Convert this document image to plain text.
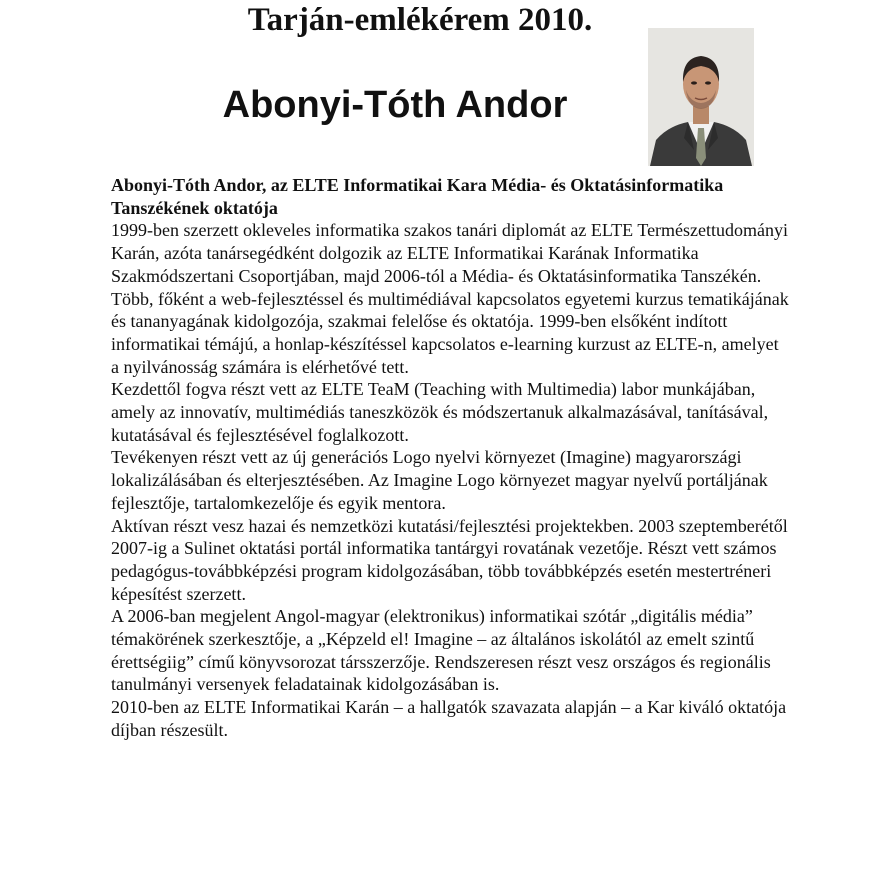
Tarján-emlékérem 2010.
Abonyi-Tóth Andor

Abonyi-Tóth Andor, az ELTE Informatikai Kara Média- és Oktatásinformatika Tanszékének oktatója

1999-ben szerzett okleveles informatika szakos tanári diplomát az ELTE Természettudományi Karán, azóta tanársegédként dolgozik az ELTE Informatikai Karának Informatika Szakmódszertani Csoportjában, majd 2006-tól a Média- és Oktatásinformatika Tanszékén.

Több, főként a web-fejlesztéssel és multimédiával kapcsolatos egyetemi kurzus tematikájának és tananyagának kidolgozója, szakmai felelőse és oktatója. 1999-ben elsőként indított informatikai témájú, a honlap-készítéssel kapcsolatos e-learning kurzust az ELTE-n, amelyet a nyilvánosság számára is elérhetővé tett.

Kezdettől fogva részt vett az ELTE TeaM (Teaching with Multimedia) labor munkájában, amely az innovatív, multimédiás taneszközök és módszertanuk alkalmazásával, tanításával, kutatásával és fejlesztésével foglalkozott.

Tevékenyen részt vett az új generációs Logo nyelvi környezet (Imagine) magyarországi lokalizálásában és elterjesztésében. Az Imagine Logo környezet magyar nyelvű portáljának fejlesztője, tartalomkezelője és egyik mentora.

Aktívan részt vesz hazai és nemzetközi kutatási/fejlesztési projektekben. 2003 szeptemberétől 2007-ig a Sulinet oktatási portál informatika tantárgyi rovatának vezetője. Részt vett számos pedagógus-továbbképzési program kidolgozásában, több továbbképzés esetén mestertréneri képesítést szerzett.

A 2006-ban megjelent Angol-magyar (elektronikus) informatikai szótár „digitális média” témakörének szerkesztője, a „Képzeld el! Imagine – az általános iskolától az emelt szintű érettségiig” című könyvsorozat társszerzője. Rendszeresen részt vesz országos és regionális tanulmányi versenyek feladatainak kidolgozásában is.

2010-ben az ELTE Informatikai Karán – a hallgatók szavazata alapján – a Kar kiváló oktatója díjban részesült.
